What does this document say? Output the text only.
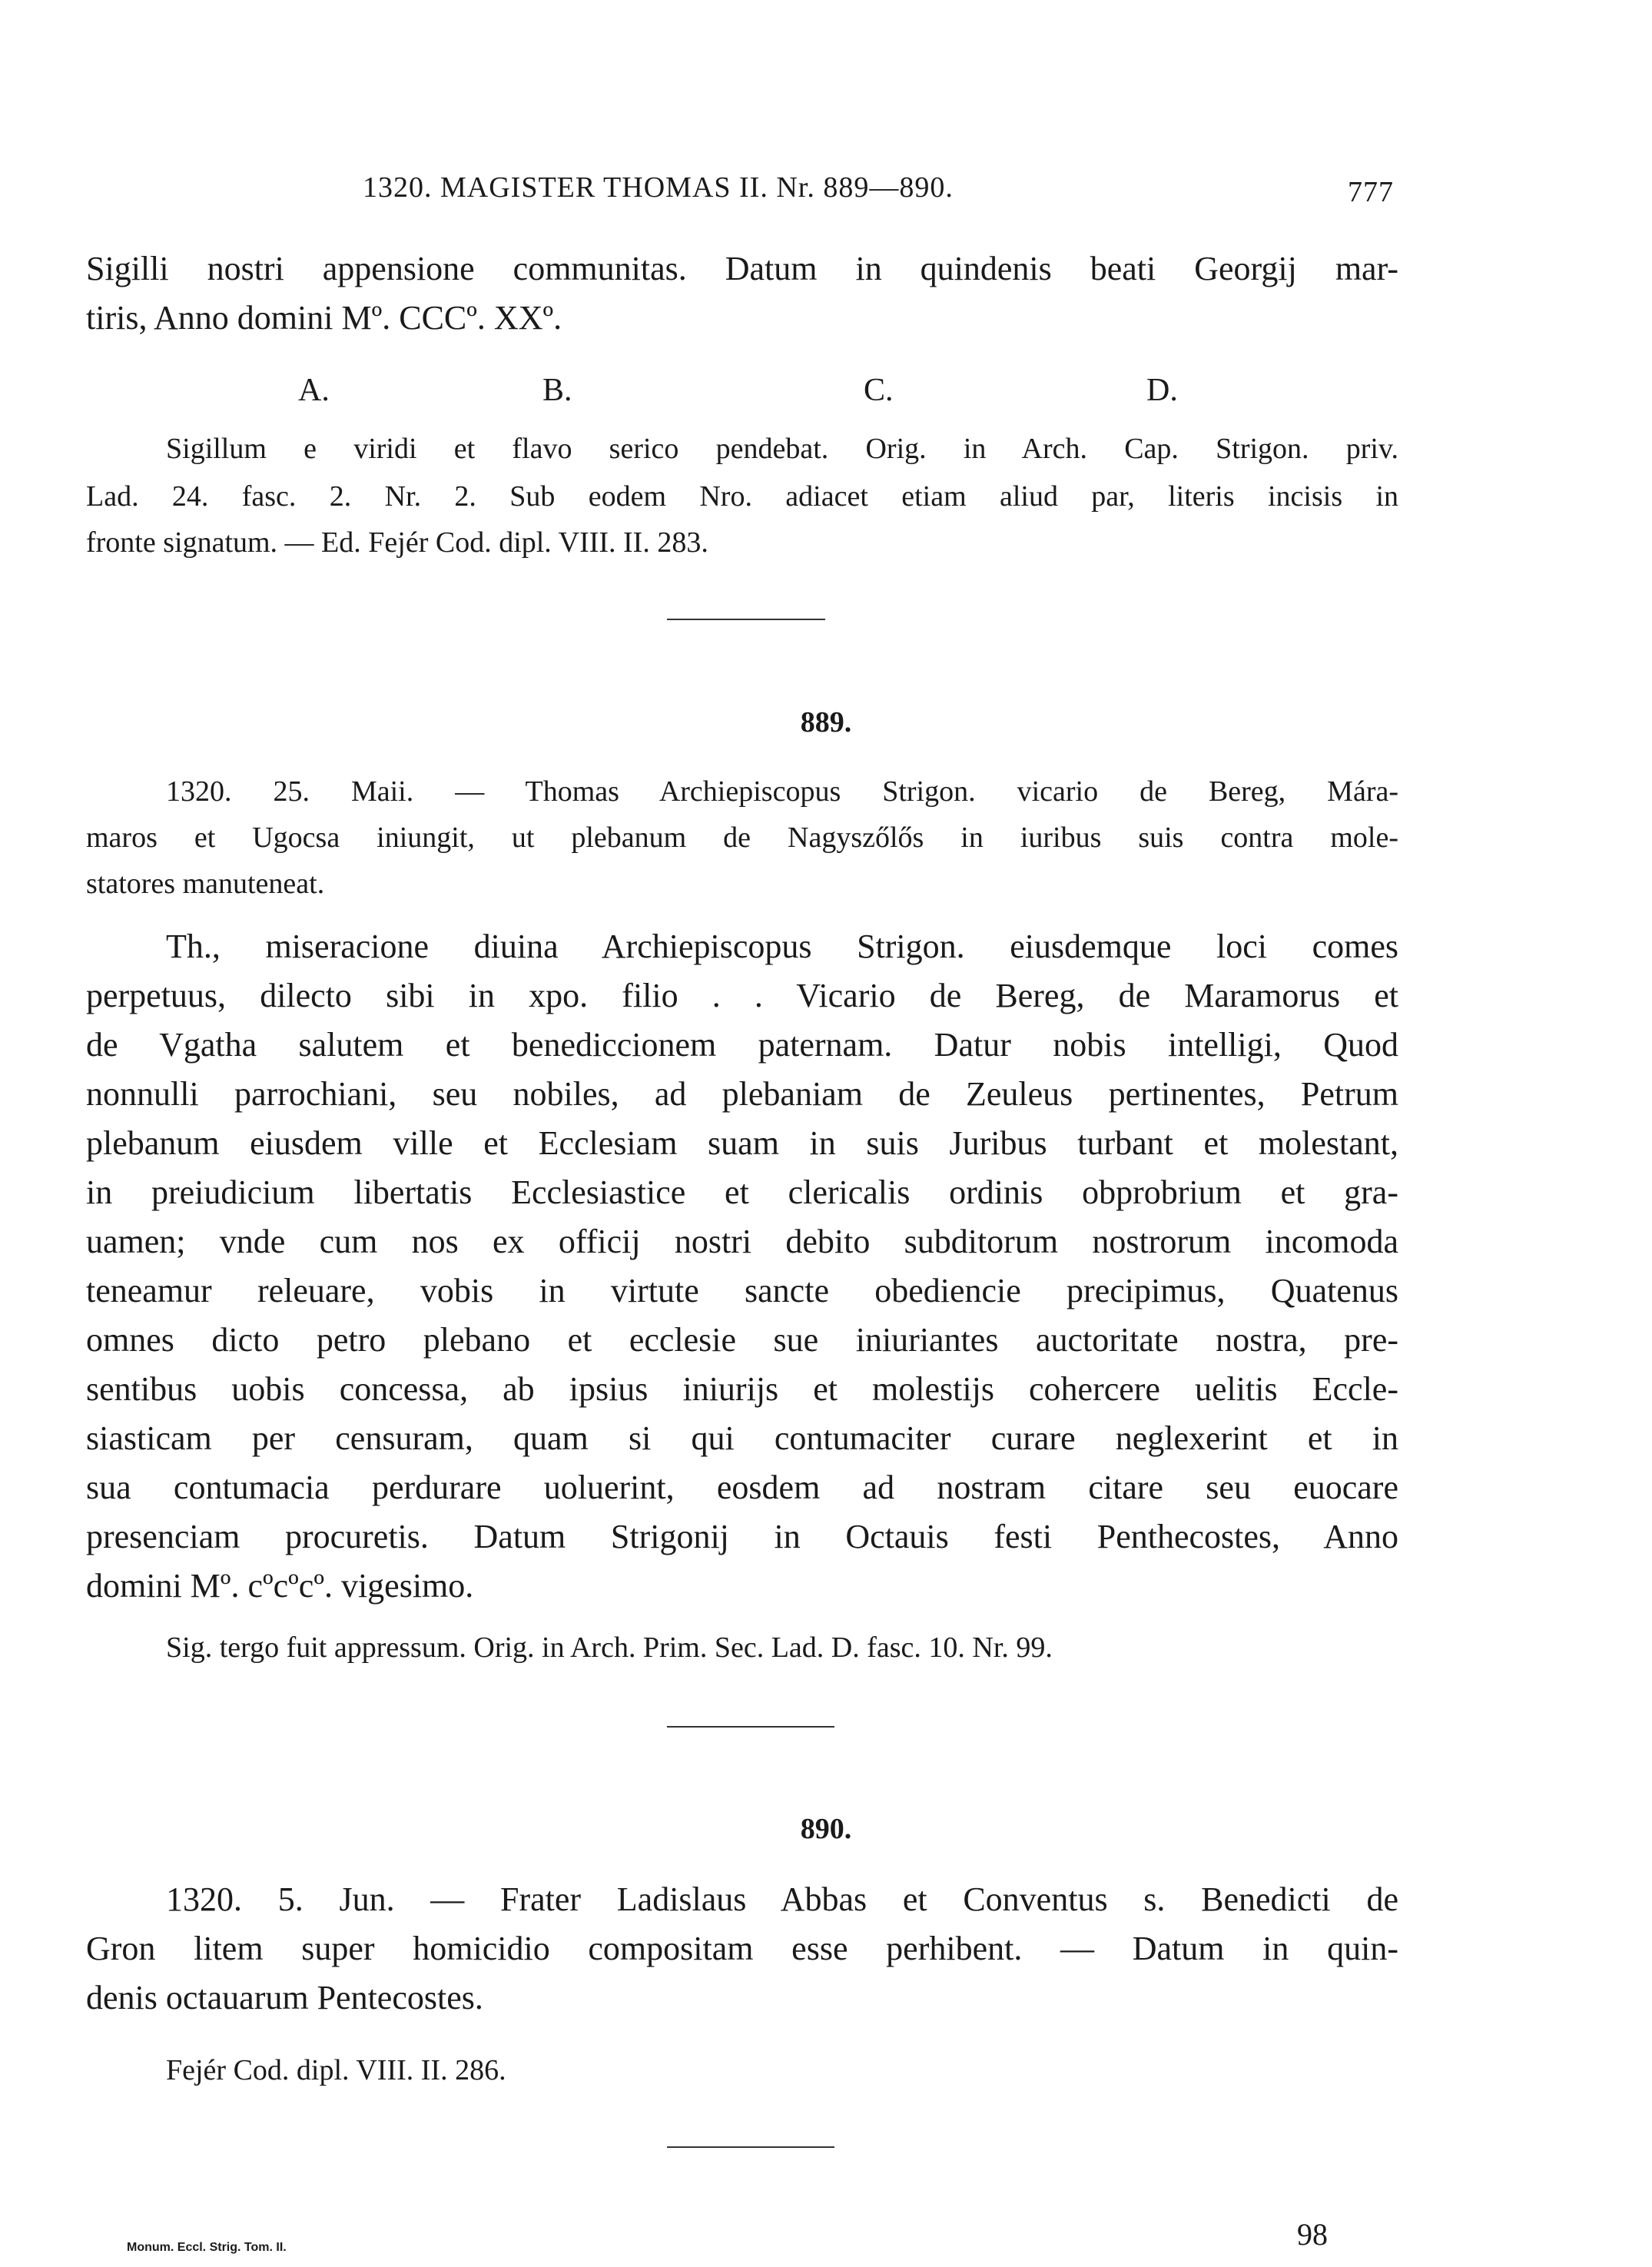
1320. MAGISTER THOMAS II. Nr. 889—890.	777
Sigilli nostri appensione communitas. Datum in quindenis beati Georgij mar-
tiris, Anno domini Mº. CCCº. XXº.
A.	B.	C.	D.
Sigillum e viridi et flavo serico pendebat. Orig. in Arch. Cap. Strigon. priv.
Lad. 24. fasc. 2. Nr. 2. Sub eodem Nro. adiacet etiam aliud par, literis incisis in
fronte signatum. — Ed. Fejér Cod. dipl. VIII. II. 283.
889.
1320. 25. Maii. — Thomas Archiepiscopus Strigon. vicario de Bereg, Mára-
maros et Ugocsa iniungit, ut plebanum de Nagyszőlős in iuribus suis contra mole-
statores manuteneat.
Th., miseracione diuina Archiepiscopus Strigon. eiusdemque loci comes
perpetuus, dilecto sibi in xpo. filio . . Vicario de Bereg, de Maramorus et
de Vgatha salutem et benediccionem paternam. Datur nobis intelligi, Quod
nonnulli parrochiani, seu nobiles, ad plebaniam de Zeuleus pertinentes, Petrum
plebanum eiusdem ville et Ecclesiam suam in suis Juribus turbant et molestant,
in preiudicium libertatis Ecclesiastice et clericalis ordinis obprobrium et gra-
uamen; vnde cum nos ex officij nostri debito subditorum nostrorum incomoda
teneamur releuare, vobis in virtute sancte obediencie precipimus, Quatenus
omnes dicto petro plebano et ecclesie sue iniuriantes auctoritate nostra, pre-
sentibus uobis concessa, ab ipsius iniurijs et molestijs cohercere uelitis Eccle-
siasticam per censuram, quam si qui contumaciter curare neglexerint et in
sua contumacia perdurare uoluerint, eosdem ad nostram citare seu euocare
presenciam procuretis. Datum Strigonij in Octauis festi Penthecostes, Anno
domini Mº. cºcºcº. vigesimo.
Sig. tergo fuit appressum. Orig. in Arch. Prim. Sec. Lad. D. fasc. 10. Nr. 99.
890.
1320. 5. Jun. — Frater Ladislaus Abbas et Conventus s. Benedicti de
Gron litem super homicidio compositam esse perhibent. — Datum in quin-
denis octauarum Pentecostes.
Fejér Cod. dipl. VIII. II. 286.
Monum. Eccl. Strig. Tom. II.	98
